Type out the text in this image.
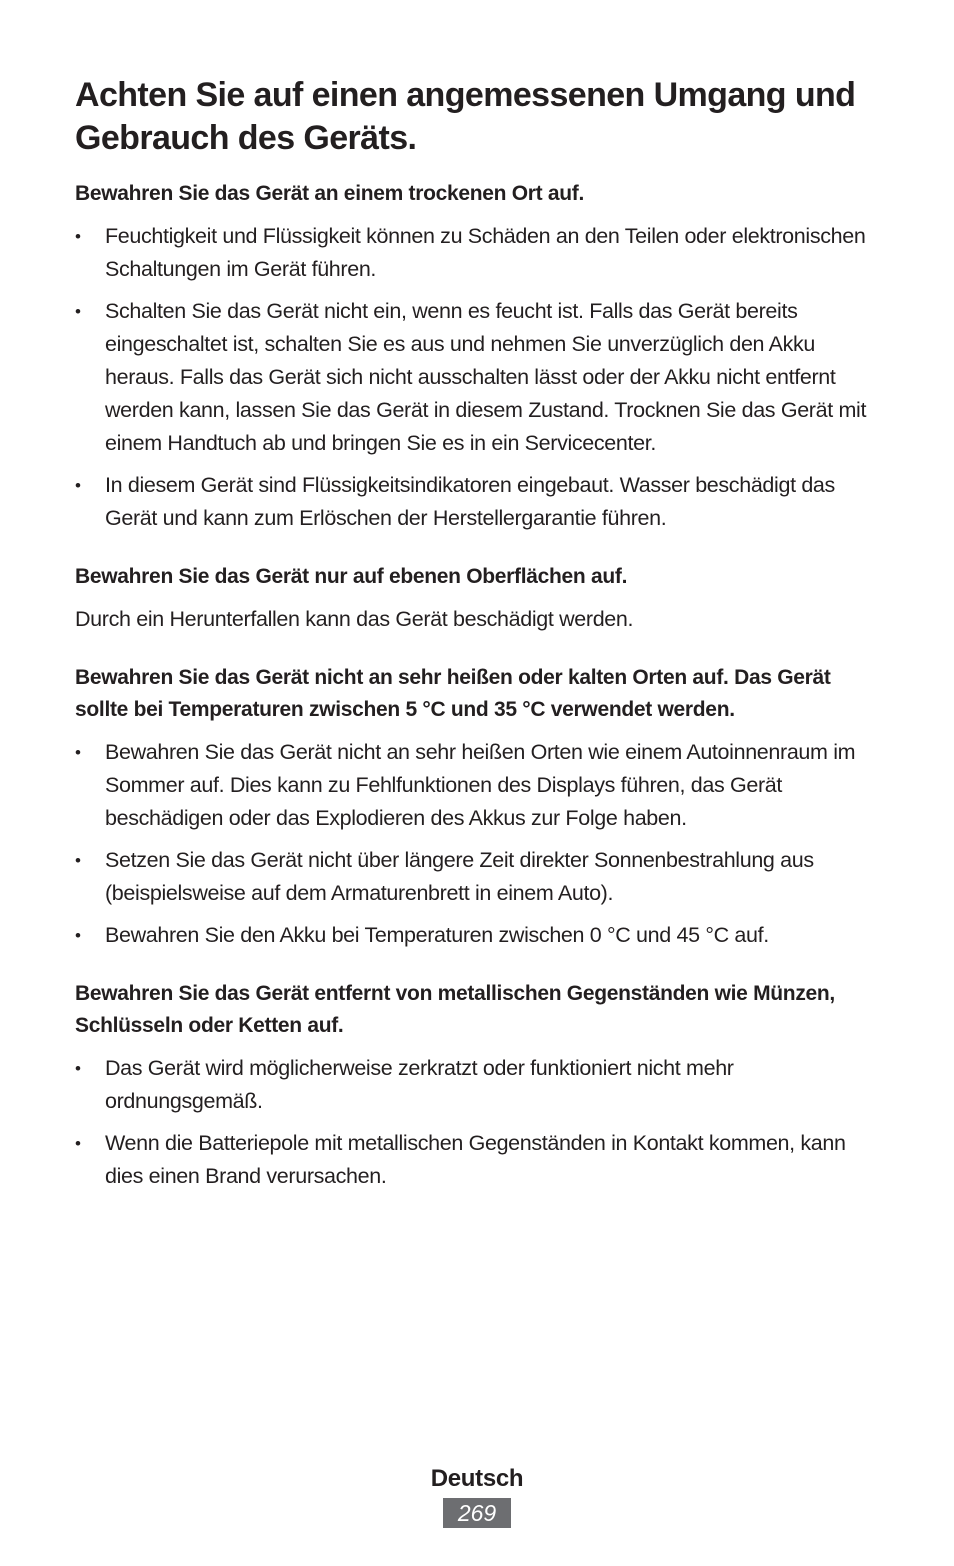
Achten Sie auf einen angemessenen Umgang und Gebrauch des Geräts.
Bewahren Sie das Gerät an einem trockenen Ort auf.
• Feuchtigkeit und Flüssigkeit können zu Schäden an den Teilen oder elektronischen Schaltungen im Gerät führen.
• Schalten Sie das Gerät nicht ein, wenn es feucht ist. Falls das Gerät bereits eingeschaltet ist, schalten Sie es aus und nehmen Sie unverzüglich den Akku heraus. Falls das Gerät sich nicht ausschalten lässt oder der Akku nicht entfernt werden kann, lassen Sie das Gerät in diesem Zustand. Trocknen Sie das Gerät mit einem Handtuch ab und bringen Sie es in ein Servicecenter.
• In diesem Gerät sind Flüssigkeitsindikatoren eingebaut. Wasser beschädigt das Gerät und kann zum Erlöschen der Herstellergarantie führen.
Bewahren Sie das Gerät nur auf ebenen Oberflächen auf.

Durch ein Herunterfallen kann das Gerät beschädigt werden.

Bewahren Sie das Gerät nicht an sehr heißen oder kalten Orten auf. Das Gerät sollte bei Temperaturen zwischen 5 °C und 35 °C verwendet werden.
• Bewahren Sie das Gerät nicht an sehr heißen Orten wie einem Autoinnenraum im Sommer auf. Dies kann zu Fehlfunktionen des Displays führen, das Gerät beschädigen oder das Explodieren des Akkus zur Folge haben.
• Setzen Sie das Gerät nicht über längere Zeit direkter Sonnenbestrahlung aus (beispielsweise auf dem Armaturenbrett in einem Auto).
• Bewahren Sie den Akku bei Temperaturen zwischen 0 °C und 45 °C auf.
Bewahren Sie das Gerät entfernt von metallischen Gegenständen wie Münzen, Schlüsseln oder Ketten auf.
• Das Gerät wird möglicherweise zerkratzt oder funktioniert nicht mehr ordnungsgemäß.
• Wenn die Batteriepole mit metallischen Gegenständen in Kontakt kommen, kann dies einen Brand verursachen.
Deutsch
269
